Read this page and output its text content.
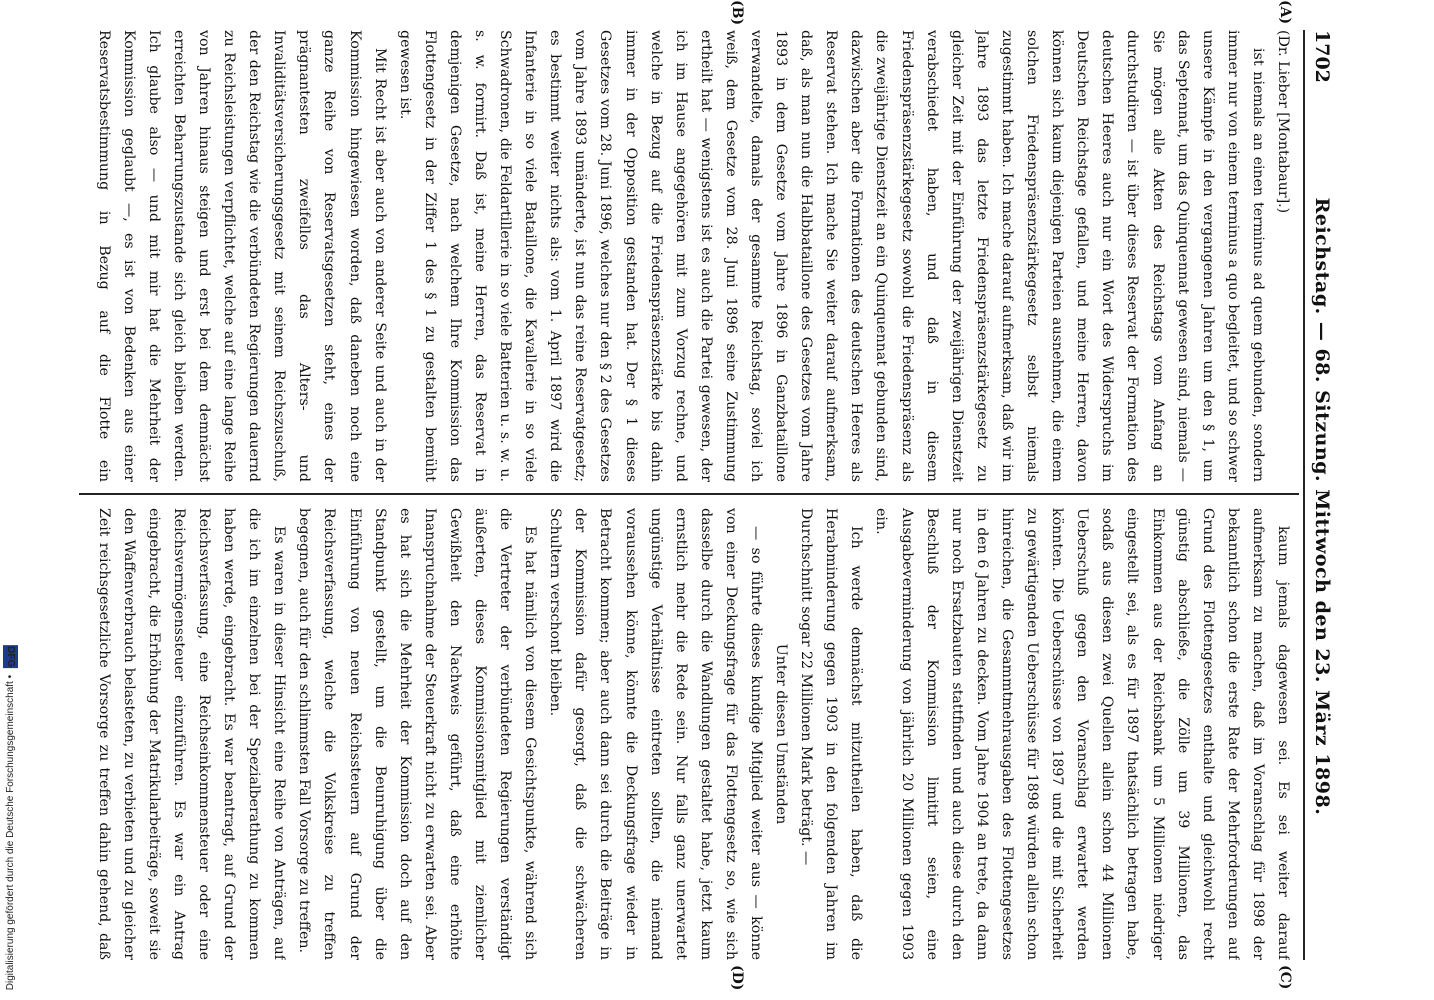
1702
Reichstag. — 68. Sitzung. Mittwoch den 23. März 1898.
(A)
(B)
(C)
(D)

(Dr. Lieber [Montabaur].)

ist niemals an einen terminus ad quem gebunden, sondern immer nur von einem terminus a quo begleitet, und so schwer unsere Kämpfe in den vergangenen Jahren um den § 1, um das Septennat, um das Quinquennat gewesen sind, niemals — Sie mögen alle Akten des Reichstags vom Anfang an durchstudiren — ist über dieses Reservat der Formation des deutschen Heeres auch nur ein Wort des Widerspruchs im Deutschen Reichstage gefallen, und meine Herren, davon können sich kaum diejenigen Parteien ausnehmen, die einem solchen Friedenspräsenzstärkegesetz selbst niemals zugestimmt haben. Ich mache darauf aufmerksam, daß wir im Jahre 1893 das letzte Friedenspräsenzstärkegesetz zu gleicher Zeit mit der Einführung der zweijährigen Dienstzeit verabschiedet haben, und daß in diesem Friedenspräsenzstärkegesetz sowohl die Friedenspräsenz als die zweijährige Dienstzeit an ein Quinquennat gebunden sind, dazwischen aber die Formationen des deutschen Heeres als Reservat stehen. Ich mache Sie weiter darauf aufmerksam, daß, als man nun die Halbbataillone des Gesetzes vom Jahre 1893 in dem Gesetze vom Jahre 1896 in Ganzbataillone verwandelte, damals der gesammte Reichstag, soviel ich weiß, dem Gesetze vom 28. Juni 1896 seine Zustimmung ertheilt hat — wenigstens ist es auch die Partei gewesen, der ich im Hause angegehören mit zum Vorzug rechne, und welche in Bezug auf die Friedenspräsenzstärke bis dahin immer in der Opposition gestanden hat. Der § 1 dieses Gesetzes vom 28. Juni 1896, welches nur den § 2 des Gesetzes vom Jahre 1893 umänderte, ist nun das reine Reservatgesetz; es bestimmt weiter nichts als: vom 1. April 1897 wird die Infanterie in so viele Bataillone, die Kavallerie in so viele Schwadronen, die Feldartillerie in so viele Batterien u. s. w. u. s. w. formirt. Daß ist, meine Herren, das Reservat in demjenigen Gesetze, nach welchem Ihre Kommission das Flottengesetz in der Ziffer 1 des § 1 zu gestalten bemüht gewesen ist.

Mit Recht ist aber auch von anderer Seite und auch in der Kommission hingewiesen worden, daß daneben noch eine ganze Reihe von Reservatsgesetzen steht, eines der prägnantesten zweifellos das Alters- und Invaliditätsversicherungsgesetz mit seinem Reichszuschuß, der den Reichstag wie die verbündeten Regierungen dauernd zu Reichsleistungen verpflichtet, welche auf eine lange Reihe von Jahren hinaus steigen und erst bei dem demnächst erreichten Beharrungszustande sich gleich bleiben werden. Ich glaube also — und mit mir hat die Mehrheit der Kommission geglaubt —, es ist von Bedenken aus einer Reservatsbestimmung in Bezug auf die Flotte ein

kaum jemals dagewesen sei. Es sei weiter darauf aufmerksam zu machen, daß im Voranschlag für 1898 der bekanntlich schon die erste Rate der Mehrforderungen auf Grund des Flottengesetzes enthalte und gleichwohl recht günstig abschließe, die Zölle um 39 Millionen, das Einkommen aus der Reichsbank um 5 Millionen niedriger eingestellt sei, als es für 1897 thatsächlich betragen habe, sodaß aus diesen zwei Quellen allein schon 44 Millionen Ueberschuß gegen den Voranschlag erwartet werden könnten. Die Ueberschüsse von 1897 und die mit Sicherheit zu gewärtigenden Ueberschüsse für 1898 würden allein schon hinreichen, die Gesammtmehrausgaben des Flottengesetzes in den 6 Jahren zu decken. Vom Jahre 1904 an trete, da dann nur noch Ersatzbauten stattfinden und auch diese durch den Beschluß der Kommission limitirt seien, eine Ausgabeverminderung von jährlich 20 Millionen gegen 1903 ein.

Ich werde demnächst mitzutheilen haben, daß die Herabminderung gegen 1903 in den folgenden Jahren im Durchschnitt sogar 22 Millionen Mark beträgt. —

Unter diesen Umständen

— so führte dieses kundige Mitglied weiter aus — könne von einer Deckungsfrage für das Flottengesetz so, wie sich dasselbe durch die Wandlungen gestaltet habe, jetzt kaum ernstlich mehr die Rede sein. Nur falls ganz unerwartet ungünstige Verhältnisse eintreten sollten, die niemand voraussehen könne, könnte die Deckungsfrage wieder in Betracht kommen; aber auch dann sei durch die Beiträge in der Kommission dafür gesorgt, daß die schwächeren Schultern verschont bleiben.

Es hat nämlich von diesem Gesichtspunkte, während sich die Vertreter der verbündeten Regierungen verständigt äußerten, dieses Kommissionsmitglied mit ziemlicher Gewißheit den Nachweis geführt, daß eine erhöhte Inanspruchnahme der Steuerkraft nicht zu erwarten sei. Aber es hat sich die Mehrheit der Kommission doch auf den Standpunkt gestellt, um die Beunruhigung über die Einführung von neuen Reichssteuern auf Grund der Reichsverfassung, welche die Volkskreise zu treffen begegnen, auch für den schlimmsten Fall Vorsorge zu treffen.

Es waren in dieser Hinsicht eine Reihe von Anträgen, auf die ich im einzelnen bei der Spezialberathung zu kommen haben werde, eingebracht. Es war beantragt, auf Grund der Reichsverfassung, eine Reichseinkommensteuer oder eine Reichsvermögenssteuer einzuführen. Es war ein Antrag eingebracht, die Erhöhung der Matrikularbeiträge, soweit sie den Waffenverbrauch belasteten, zu verbieten und zu gleicher Zeit reichsgesetzliche Vorsorge zu treffen dahin gehend, daß

Digitalisierung gefördert durch die Deutsche Forschungsgemeinschaft • DFG
